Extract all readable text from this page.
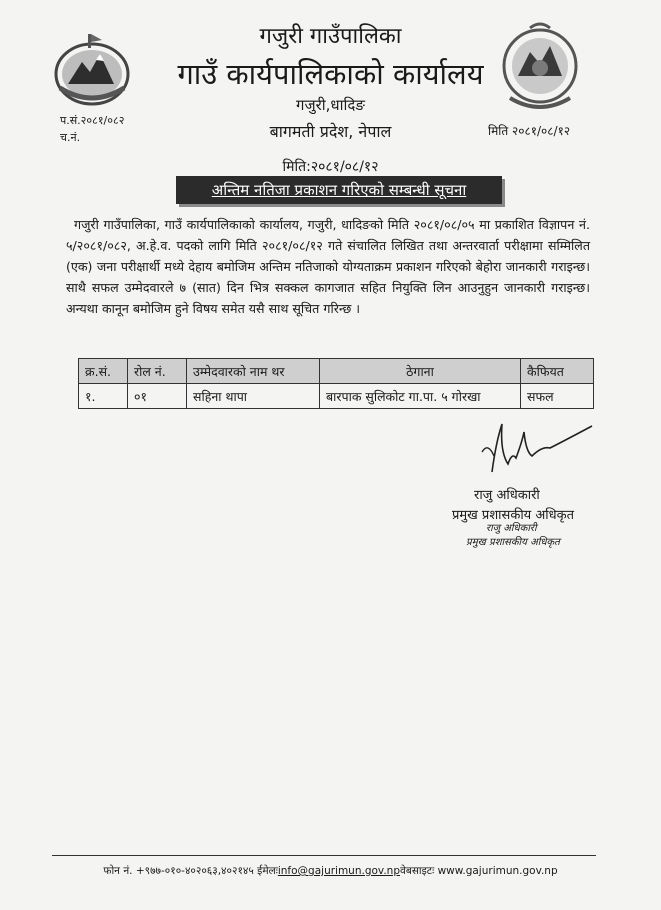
गजुरी गाउँपालिका
गाउँ कार्यपालिकाको कार्यालय
गजुरी,धादिङ
बागमती प्रदेश, नेपाल
प.सं.२०८१/०८२
च.नं.	मिति २०८१/०८/१२
मिति:२०८१/०८/१२
अन्तिम नतिजा प्रकाशन गरिएको सम्बन्धी सूचना
गजुरी गाउँपालिका, गाउँ कार्यपालिकाको कार्यालय, गजुरी, धादिङको मिति २०८१/०८/०५ मा प्रकाशित विज्ञापन नं. ५/२०८१/०८२, अ.हे.व. पदको लागि मिति २०८१/०८/१२ गते संचालित लिखित तथा अन्तरवार्ता परीक्षामा सम्मिलित (एक) जना परीक्षार्थी मध्ये देहाय बमोजिम अन्तिम नतिजाको योग्यताक्रम प्रकाशन गरिएको बेहोरा जानकारी गराइन्छ। साथै सफल उम्मेदवारले ७ (सात) दिन भित्र सक्कल कागजात सहित नियुक्ति लिन आउनुहुन जानकारी गराइन्छ। अन्यथा कानून बमोजिम हुने विषय समेत यसै साथ सूचित गरिन्छ ।
क्र.सं.	रोल नं.	उम्मेदवारको नाम थर	ठेगाना	कैफियत
१.	०१	सहिना थापा	बारपाक सुलिकोट गा.पा. ५ गोरखा	सफल
राजु अधिकारी
प्रमुख प्रशासकीय अधिकृत
राजु अधिकारी
प्रमुख प्रशासकीय अधिकृत
फोन नं. +९७७-०१०-४०२०६३,४०२१४५ ईमेलःinfo@gajurimun.gov.npवेबसाइटः www.gajurimun.gov.np
